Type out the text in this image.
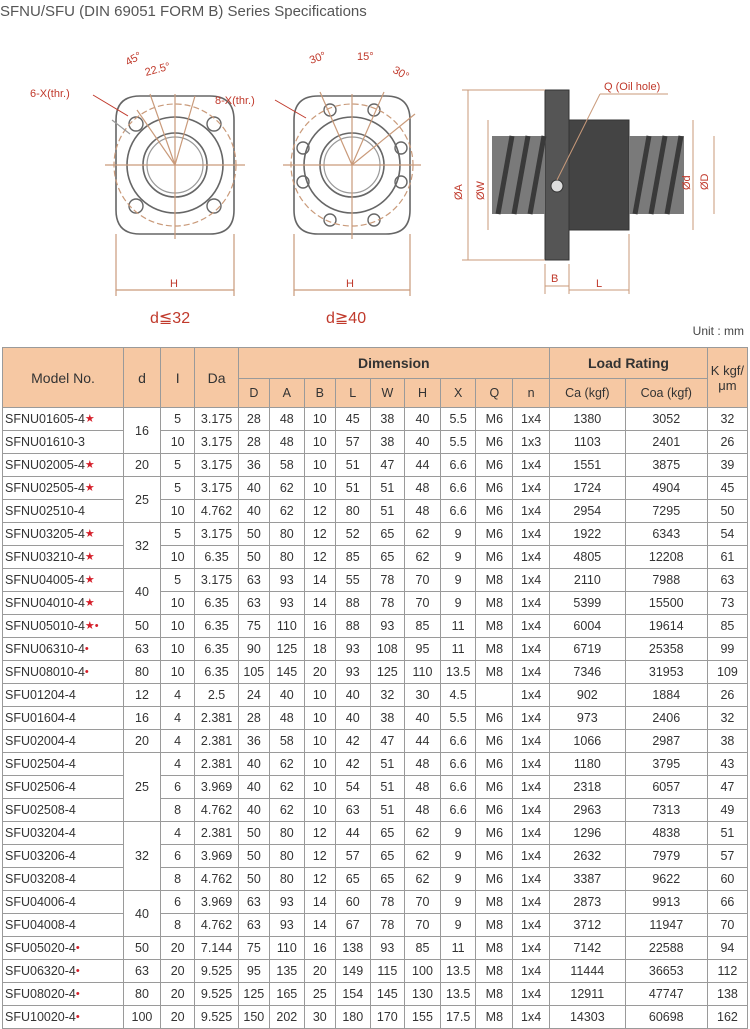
SFNU/SFU (DIN 69051 FORM B) Series Specifications
45°
22.5°
6-X(thr.)
H
d≦32
30°	15°
30°
8-X(thr.)
H
d≧40
Q (Oil hole)
ØA ØW	ØD
Ød
B	L
Unit : mm
Model No.	d	I	Da	Dimension									Load Rating		K kgf/ μm
				D	A	B	L	W	H	X	Q	n	Ca (kgf)	Coa (kgf)	
SFNU01605-4★	16	5	3.175	28	48	10	45	38	40	5.5	M6	1x4	1380	3052	32
SFNU01610-3		10	3.175	28	48	10	57	38	40	5.5	M6	1x3	1103	2401	26
SFNU02005-4★	20	5	3.175	36	58	10	51	47	44	6.6	M6	1x4	1551	3875	39
SFNU02505-4★	25	5	3.175	40	62	10	51	51	48	6.6	M6	1x4	1724	4904	45
SFNU02510-4		10	4.762	40	62	12	80	51	48	6.6	M6	1x4	2954	7295	50
SFNU03205-4★	32	5	3.175	50	80	12	52	65	62	9	M6	1x4	1922	6343	54
SFNU03210-4★		10	6.35	50	80	12	85	65	62	9	M6	1x4	4805	12208	61
SFNU04005-4★	40	5	3.175	63	93	14	55	78	70	9	M8	1x4	2110	7988	63
SFNU04010-4★		10	6.35	63	93	14	88	78	70	9	M8	1x4	5399	15500	73
SFNU05010-4★•	50	10	6.35	75	110	16	88	93	85	11	M8	1x4	6004	19614	85
SFNU06310-4•	63	10	6.35	90	125	18	93	108	95	11	M8	1x4	6719	25358	99
SFNU08010-4•	80	10	6.35	105	145	20	93	125	110	13.5	M8	1x4	7346	31953	109
SFU01204-4	12	4	2.5	24	40	10	40	32	30	4.5		1x4	902	1884	26
SFU01604-4	16	4	2.381	28	48	10	40	38	40	5.5	M6	1x4	973	2406	32
SFU02004-4	20	4	2.381	36	58	10	42	47	44	6.6	M6	1x4	1066	2987	38
SFU02504-4	25	4	2.381	40	62	10	42	51	48	6.6	M6	1x4	1180	3795	43
SFU02506-4		6	3.969	40	62	10	54	51	48	6.6	M6	1x4	2318	6057	47
SFU02508-4		8	4.762	40	62	10	63	51	48	6.6	M6	1x4	2963	7313	49
SFU03204-4	32	4	2.381	50	80	12	44	65	62	9	M6	1x4	1296	4838	51
SFU03206-4		6	3.969	50	80	12	57	65	62	9	M6	1x4	2632	7979	57
SFU03208-4		8	4.762	50	80	12	65	65	62	9	M6	1x4	3387	9622	60
SFU04006-4	40	6	3.969	63	93	14	60	78	70	9	M8	1x4	2873	9913	66
SFU04008-4		8	4.762	63	93	14	67	78	70	9	M8	1x4	3712	11947	70
SFU05020-4•	50	20	7.144	75	110	16	138	93	85	11	M8	1x4	7142	22588	94
SFU06320-4•	63	20	9.525	95	135	20	149	115	100	13.5	M8	1x4	11444	36653	112
SFU08020-4•	80	20	9.525	125	165	25	154	145	130	13.5	M8	1x4	12911	47747	138
SFU10020-4•	100	20	9.525	150	202	30	180	170	155	17.5	M8	1x4	14303	60698	162
